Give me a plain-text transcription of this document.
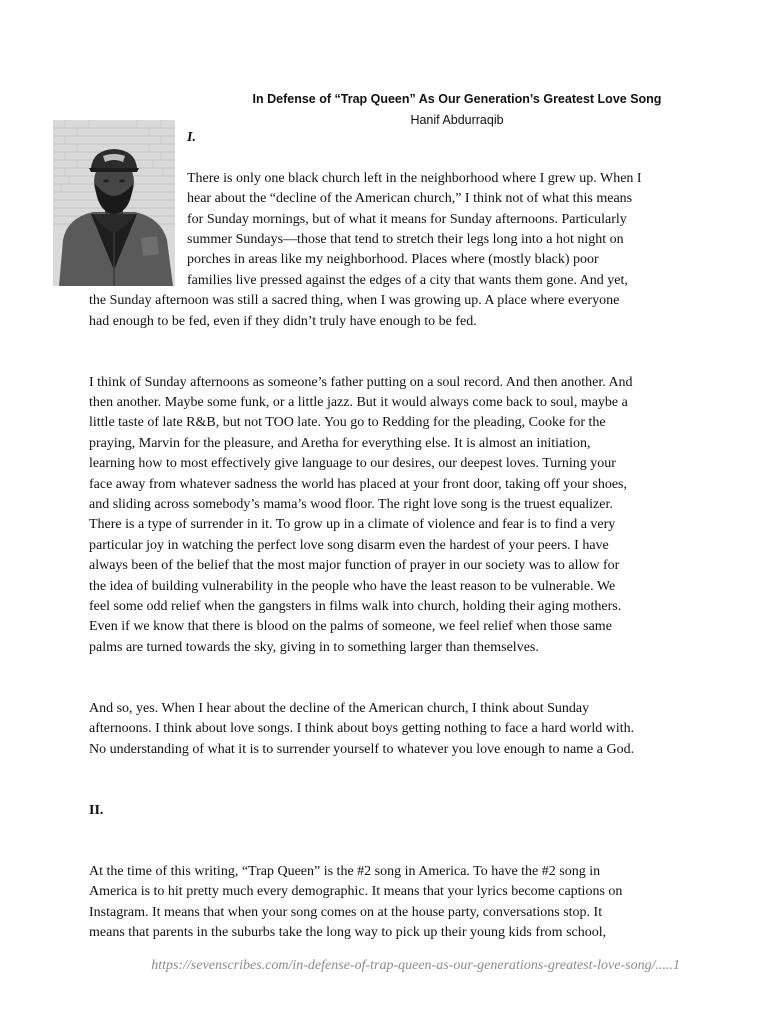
In Defense of “Trap Queen” As Our Generation’s Greatest Love Song
Hanif Abdurraqib
I.
There is only one black church left in the neighborhood where I grew up. When I
hear about the “decline of the American church,” I think not of what this means
for Sunday mornings, but of what it means for Sunday afternoons. Particularly
summer Sundays—those that tend to stretch their legs long into a hot night on
porches in areas like my neighborhood. Places where (mostly black) poor
families live pressed against the edges of a city that wants them gone. And yet,
the Sunday afternoon was still a sacred thing, when I was growing up. A place where everyone
had enough to be fed, even if they didn’t truly have enough to be fed.
I think of Sunday afternoons as someone’s father putting on a soul record. And then another. And
then another. Maybe some funk, or a little jazz. But it would always come back to soul, maybe a
little taste of late R&B, but not TOO late. You go to Redding for the pleading, Cooke for the
praying, Marvin for the pleasure, and Aretha for everything else. It is almost an initiation,
learning how to most effectively give language to our desires, our deepest loves. Turning your
face away from whatever sadness the world has placed at your front door, taking off your shoes,
and sliding across somebody’s mama’s wood floor. The right love song is the truest equalizer.
There is a type of surrender in it. To grow up in a climate of violence and fear is to find a very
particular joy in watching the perfect love song disarm even the hardest of your peers. I have
always been of the belief that the most major function of prayer in our society was to allow for
the idea of building vulnerability in the people who have the least reason to be vulnerable. We
feel some odd relief when the gangsters in films walk into church, holding their aging mothers.
Even if we know that there is blood on the palms of someone, we feel relief when those same
palms are turned towards the sky, giving in to something larger than themselves.
And so, yes. When I hear about the decline of the American church, I think about Sunday
afternoons. I think about love songs. I think about boys getting nothing to face a hard world with.
No understanding of what it is to surrender yourself to whatever you love enough to name a God.
II.
At the time of this writing, “Trap Queen” is the #2 song in America. To have the #2 song in
America is to hit pretty much every demographic. It means that your lyrics become captions on
Instagram. It means that when your song comes on at the house party, conversations stop. It
means that parents in the suburbs take the long way to pick up their young kids from school,
https://sevenscribes.com/in-defense-of-trap-queen-as-our-generations-greatest-love-song/.....1
